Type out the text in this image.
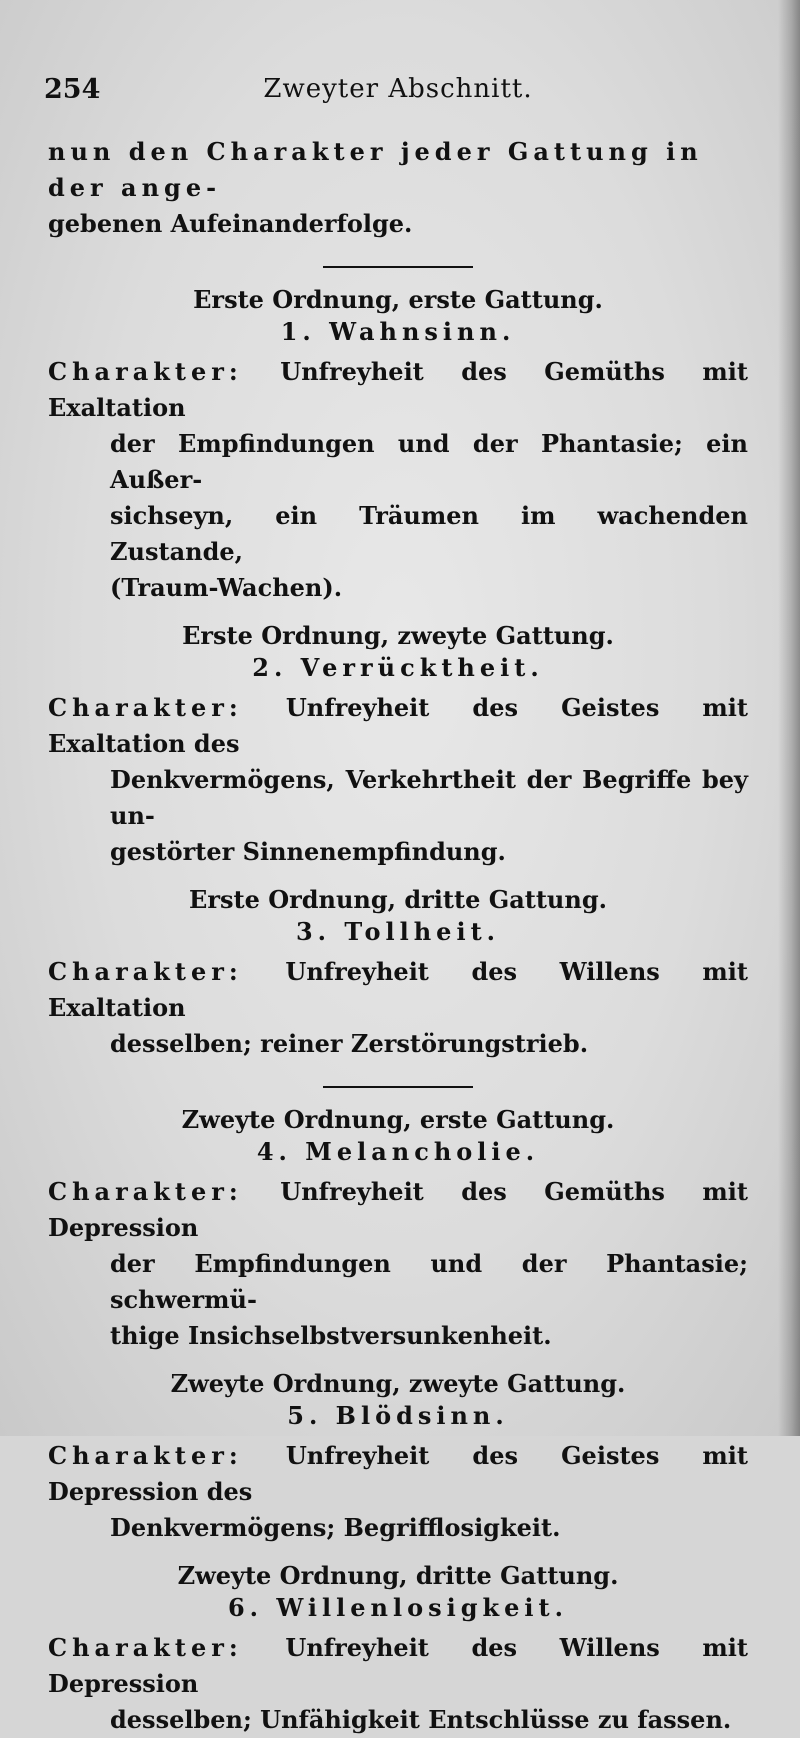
254	Zweyter Abschnitt.

nun den Charakter jeder Gattung in der ange-

gebenen Aufeinanderfolge.

Erste Ordnung, erste Gattung.
1. Wahnsinn.

Charakter: Unfreyheit des Gemüths mit Exaltation
der Empfindungen und der Phantasie; ein Außer-
sichseyn, ein Träumen im wachenden Zustande,
(Traum-Wachen).

Erste Ordnung, zweyte Gattung.
2. Verrücktheit.

Charakter: Unfreyheit des Geistes mit Exaltation des
Denkvermögens, Verkehrtheit der Begriffe bey un-
gestörter Sinnenempfindung.

Erste Ordnung, dritte Gattung.
3. Tollheit.

Charakter: Unfreyheit des Willens mit Exaltation
desselben; reiner Zerstörungstrieb.

Zweyte Ordnung, erste Gattung.
4. Melancholie.

Charakter: Unfreyheit des Gemüths mit Depression
der Empfindungen und der Phantasie; schwermü-
thige Insichselbstversunkenheit.

Zweyte Ordnung, zweyte Gattung.
5. Blödsinn.

Charakter: Unfreyheit des Geistes mit Depression des
Denkvermögens; Begrifflosigkeit.

Zweyte Ordnung, dritte Gattung.
6. Willenlosigkeit.

Charakter: Unfreyheit des Willens mit Depression
desselben; Unfähigkeit Entschlüsse zu fassen.
